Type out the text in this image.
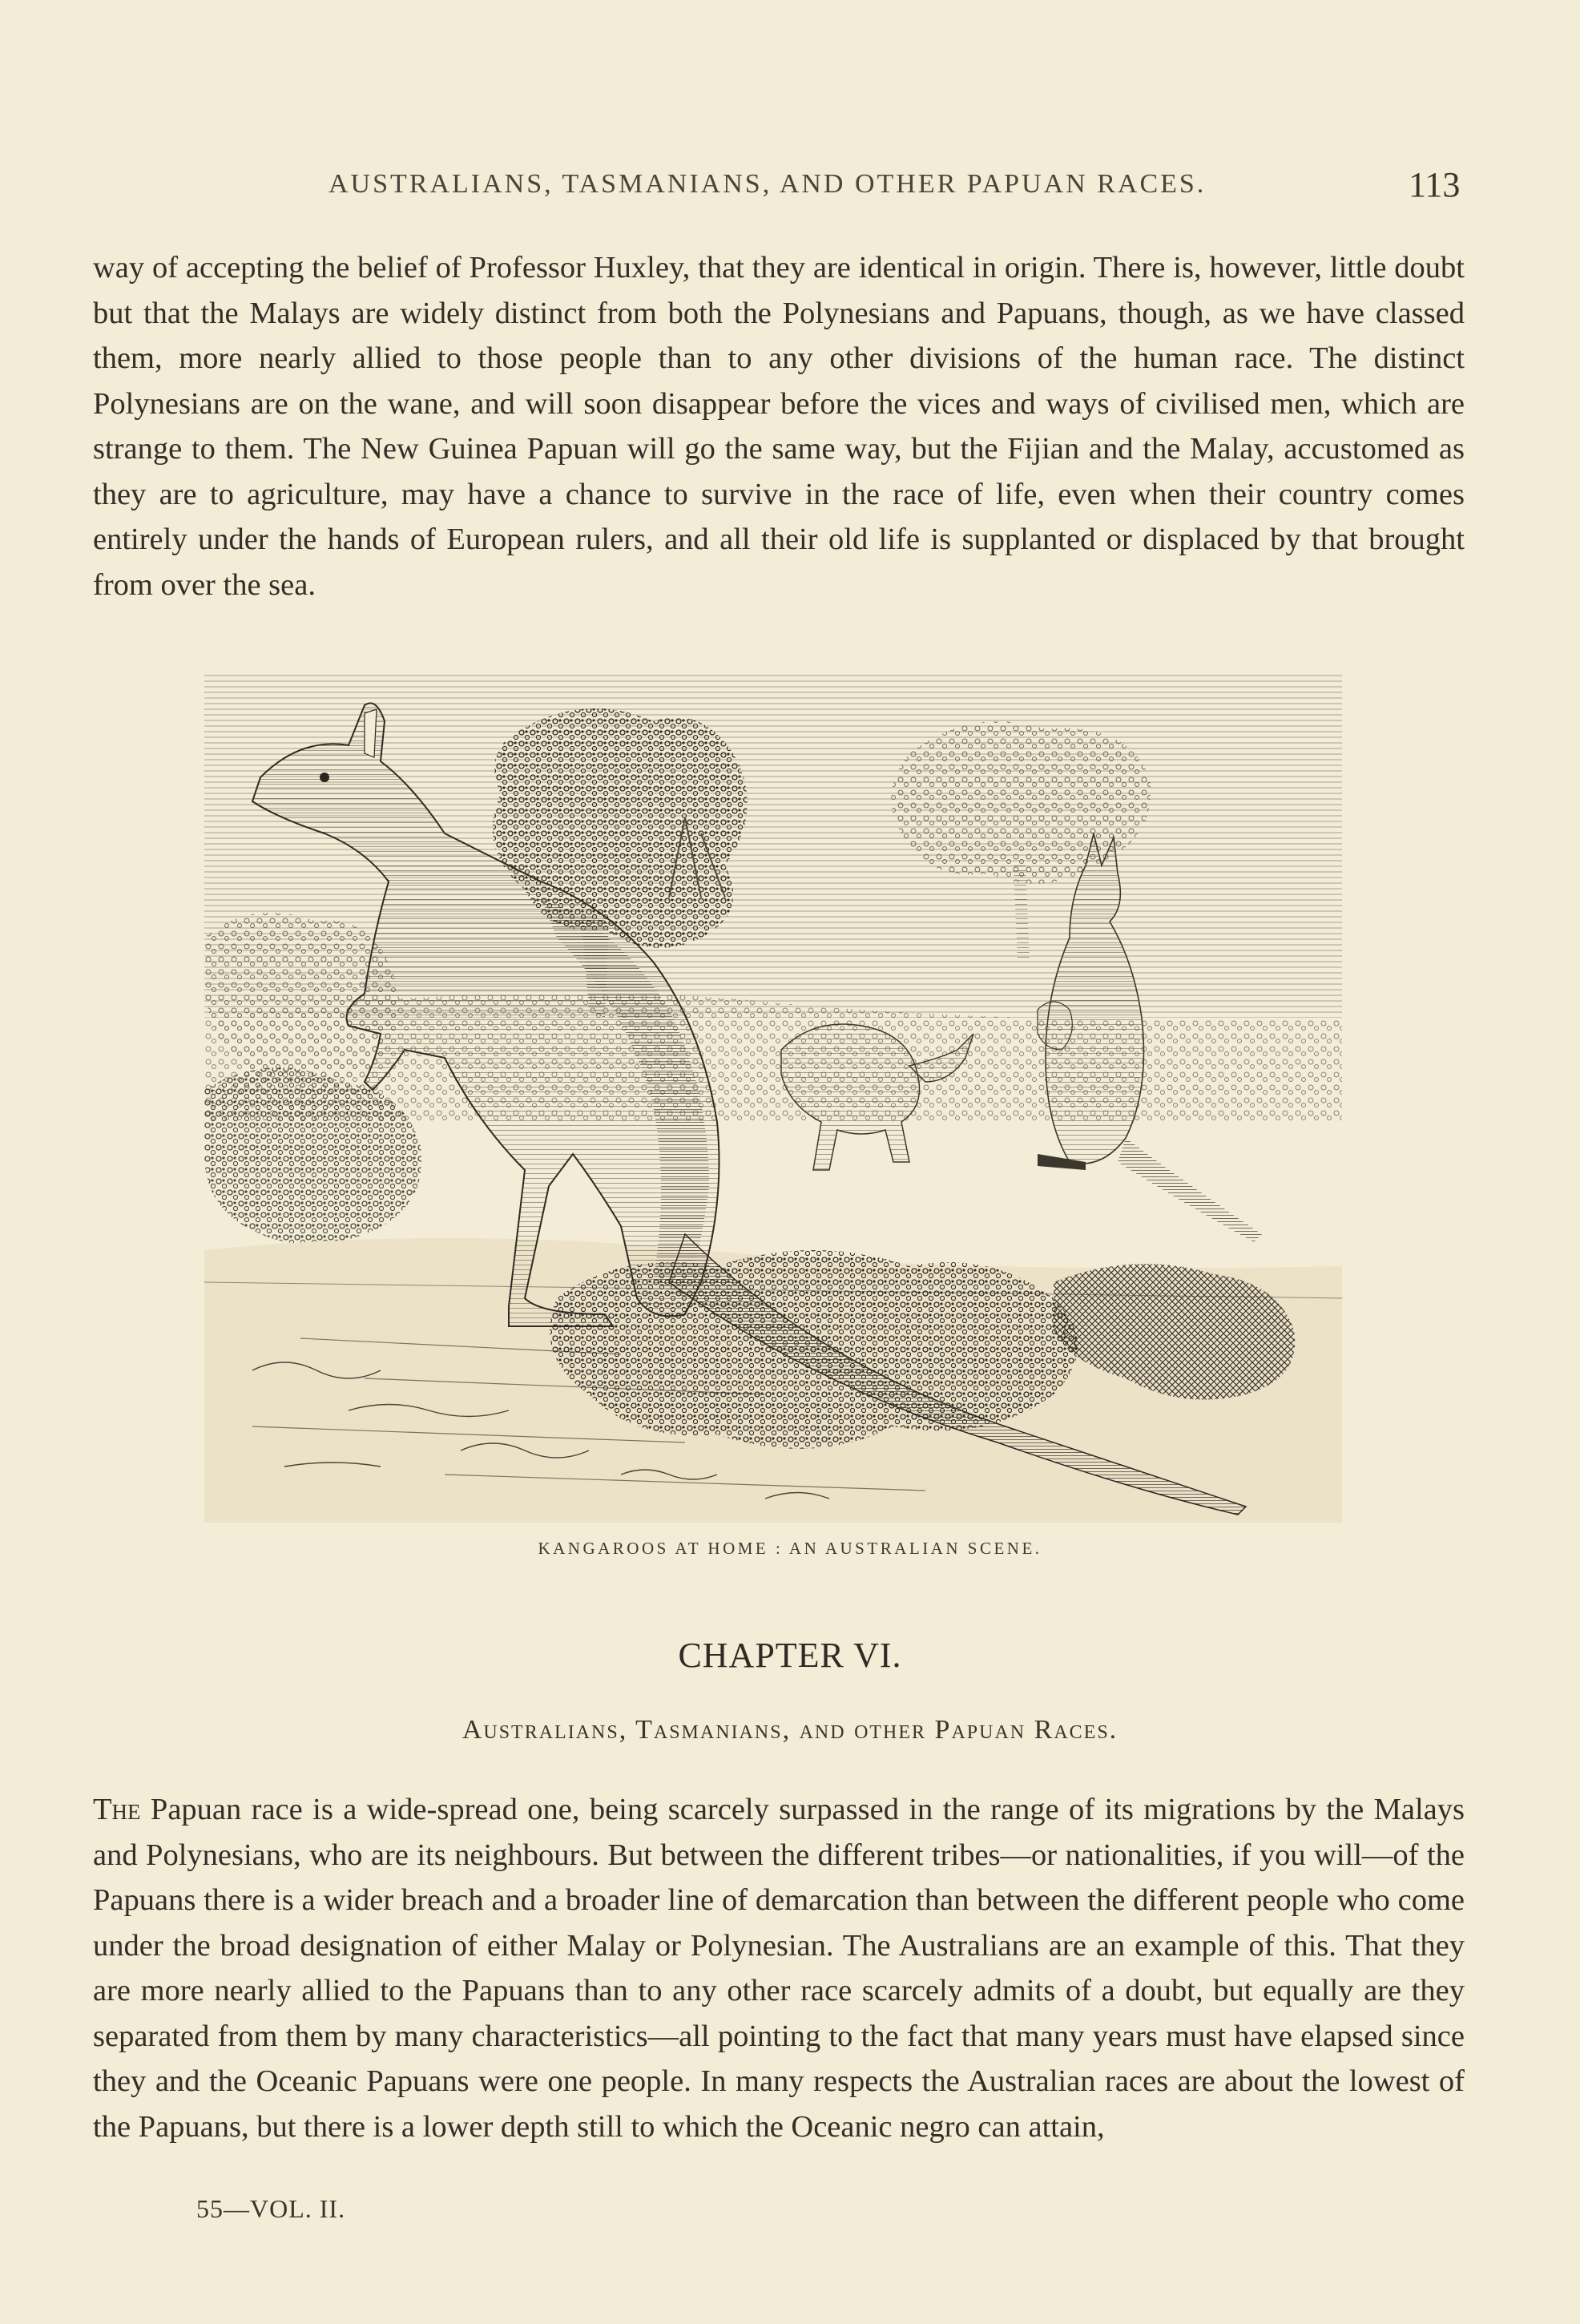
AUSTRALIANS, TASMANIANS, AND OTHER PAPUAN RACES.	113

way of accepting the belief of Professor Huxley, that they are identical in origin. There is, however, little doubt but that the Malays are widely distinct from both the Polynesians and Papuans, though, as we have classed them, more nearly allied to those people than to any other divisions of the human race. The distinct Polynesians are on the wane, and will soon disappear before the vices and ways of civilised men, which are strange to them. The New Guinea Papuan will go the same way, but the Fijian and the Malay, accustomed as they are to agriculture, may have a chance to survive in the race of life, even when their country comes entirely under the hands of European rulers, and all their old life is supplanted or displaced by that brought from over the sea.

KANGAROOS AT HOME : AN AUSTRALIAN SCENE.
CHAPTER VI.
Australians, Tasmanians, and other Papuan Races.

The Papuan race is a wide-spread one, being scarcely surpassed in the range of its migrations by the Malays and Polynesians, who are its neighbours. But between the different tribes—or nationalities, if you will—of the Papuans there is a wider breach and a broader line of demarcation than between the different people who come under the broad designation of either Malay or Polynesian. The Australians are an example of this. That they are more nearly allied to the Papuans than to any other race scarcely admits of a doubt, but equally are they separated from them by many characteristics—all pointing to the fact that many years must have elapsed since they and the Oceanic Papuans were one people. In many respects the Australian races are about the lowest of the Papuans, but there is a lower depth still to which the Oceanic negro can attain,

55—VOL. II.
